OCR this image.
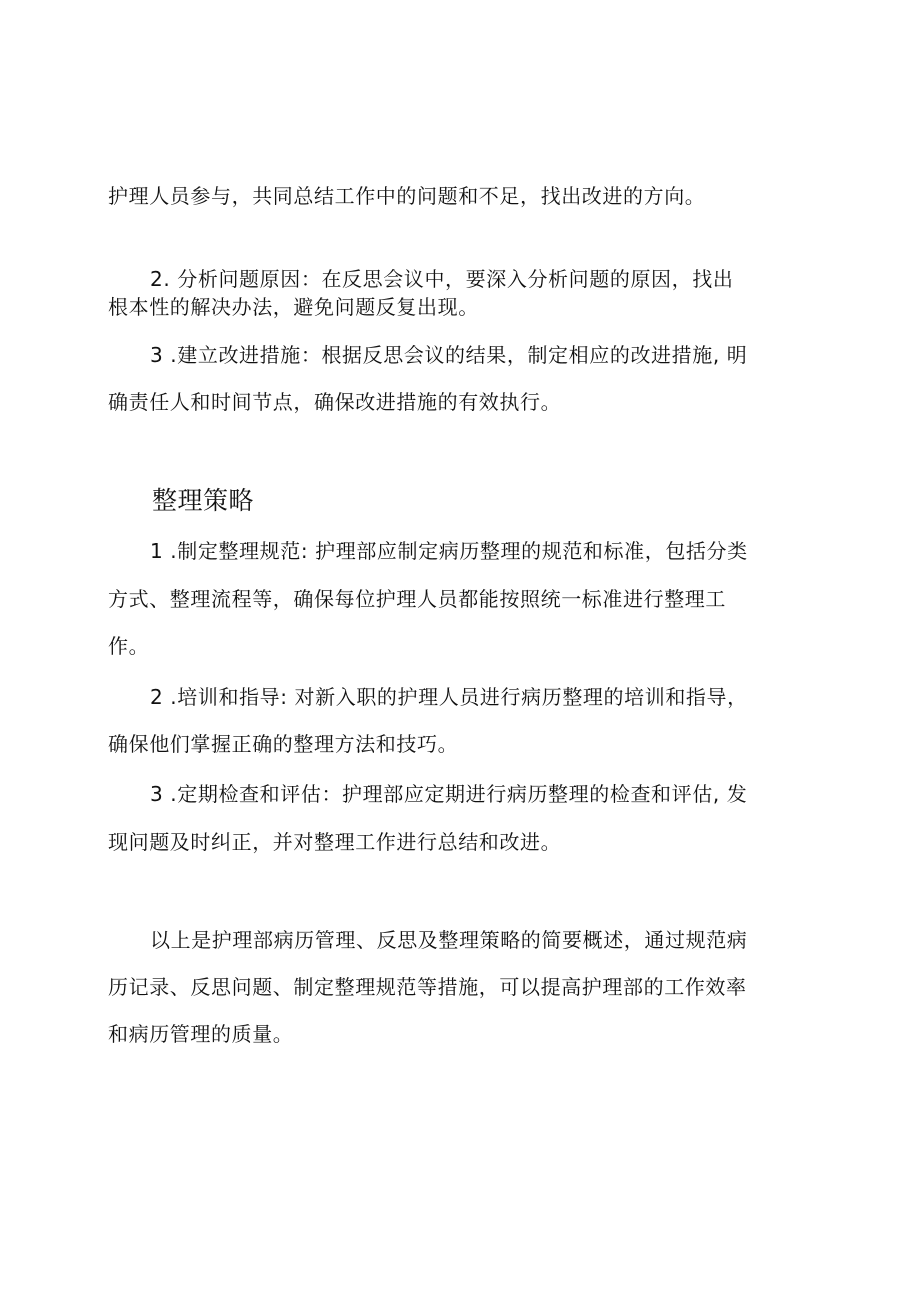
护理人员参与，共同总结工作中的问题和不足，找出改进的方向。

2. 分析问题原因：在反思会议中，要深入分析问题的原因，找出

根本性的解决办法，避免问题反复出现。

3 .建立改进措施：根据反思会议的结果，制定相应的改进措施, 明

确责任人和时间节点，确保改进措施的有效执行。

整理策略

1 .制定整理规范: 护理部应制定病历整理的规范和标准，包括分类

方式、整理流程等，确保每位护理人员都能按照统一标准进行整理工

作。

2 .培训和指导: 对新入职的护理人员进行病历整理的培训和指导，

确保他们掌握正确的整理方法和技巧。

3 .定期检查和评估：护理部应定期进行病历整理的检查和评估, 发

现问题及时纠正，并对整理工作进行总结和改进。

以上是护理部病历管理、反思及整理策略的简要概述，通过规范病

历记录、反思问题、制定整理规范等措施，可以提高护理部的工作效率

和病历管理的质量。
